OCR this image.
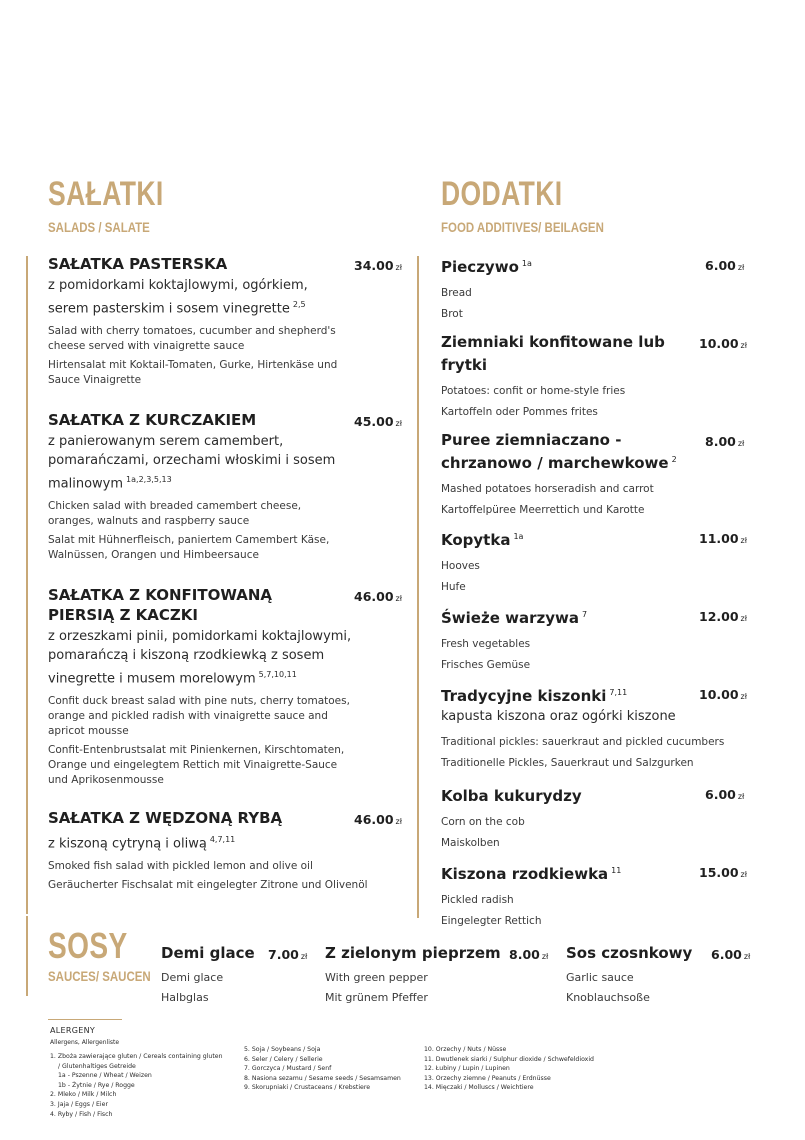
SAŁATKI
SALADS / SALATE

SAŁATKA PASTERSKA	34.00 zł

z pomidorkami koktajlowymi, ogórkiem, serem pasterskim i sosem vinegrette $^{2,5}$

Salad with cherry tomatoes, cucumber and shepherd's cheese served with vinaigrette sauce

Hirtensalat mit Koktail-Tomaten, Gurke, Hirtenkäse und Sauce Vinaigrette

SAŁATKA Z KURCZAKIEM	45.00 zł

z panierowanym serem camembert, pomarańczami, orzechami włoskimi i sosem malinowym $^{1a,2,3,5,13}$

Chicken salad with breaded camembert cheese, oranges, walnuts and raspberry sauce

Salat mit Hühnerfleisch, paniertem Camembert Käse, Walnüssen, Orangen und Himbeersauce

SAŁATKA Z KONFITOWANĄ PIERSIĄ Z KACZKI

46.00 zł

z orzeszkami pinii, pomidorkami koktajlowymi, pomarańczą i kiszoną rzodkiewką z sosem vinegrette i musem morelowym $^{5,7,10,11}$

Confit duck breast salad with pine nuts, cherry tomatoes, orange and pickled radish with vinaigrette sauce and apricot mousse

Confit-Entenbrustsalat mit Pinienkernen, Kirschtomaten, Orange und eingelegtem Rettich mit Vinaigrette-Sauce und Aprikosenmousse

SAŁATKA Z WĘDZONĄ RYBĄ	46.00 zł

z kiszoną cytryną i oliwą $^{4,7,11}$

Smoked fish salad with pickled lemon and olive oil

Geräucherter Fischsalat mit eingelegter Zitrone und Olivenöl

DODATKI
FOOD ADDITIVES/ BEILAGEN

Pieczywo $^{1a}$	6.00 zł

Bread

Brot

Ziemniaki konfitowane lub frytki

10.00 zł

Potatoes: confit or home-style fries

Kartoffeln oder Pommes frites

Puree ziemniaczano - chrzanowo / marchewkowe $^2$

8.00 zł

Mashed potatoes horseradish and carrot

Kartoffelpüree Meerrettich und Karotte

Kopytka $^{1a}$	11.00 zł

Hooves

Hufe

Świeże warzywa $^7$	12.00 zł

Fresh vegetables

Frisches Gemüse

Tradycyjne kiszonki $^{7,11}$	10.00 zł

kapusta kiszona oraz ogórki kiszone

Traditional pickles: sauerkraut and pickled cucumbers

Traditionelle Pickles, Sauerkraut und Salzgurken

Kolba kukurydzy	6.00 zł

Corn on the cob

Maiskolben

Kiszona rzodkiewka $^{11}$	15.00 zł

Pickled radish

Eingelegter Rettich

SOSY
SAUCES/ SAUCEN

Demi glace	7.00 zł

Demi glace

Halbglas

Z zielonym pieprzem 8.00 zł

With green pepper

Mit grünem Pfeffer

Sos czosnkowy	6.00 zł

Garlic sauce

Knoblauchsoße

ALERGENY
Allergens, Allergenliste
1. Zboża zawierające gluten / Cereals containing gluten
/ Glutenhaltiges Getreide
1a - Pszenne / Wheat / Weizen
1b - Żytnie / Rye / Rogge
2. Mleko / Milk / Milch
3. Jaja / Eggs / Eier
4. Ryby / Fish / Fisch
5. Soja / Soybeans / Soja
6. Seler / Celery / Sellerie
7. Gorczyca / Mustard / Senf
8. Nasiona sezamu / Sesame seeds / Sesamsamen
9. Skorupniaki / Crustaceans / Krebstiere
10. Orzechy / Nuts / Nüsse
11. Dwutlenek siarki / Sulphur dioxide / Schwefeldioxid
12. Łubiny / Lupin / Lupinen
13. Orzechy ziemne / Peanuts / Erdnüsse
14. Mięczaki / Molluscs / Weichtiere
